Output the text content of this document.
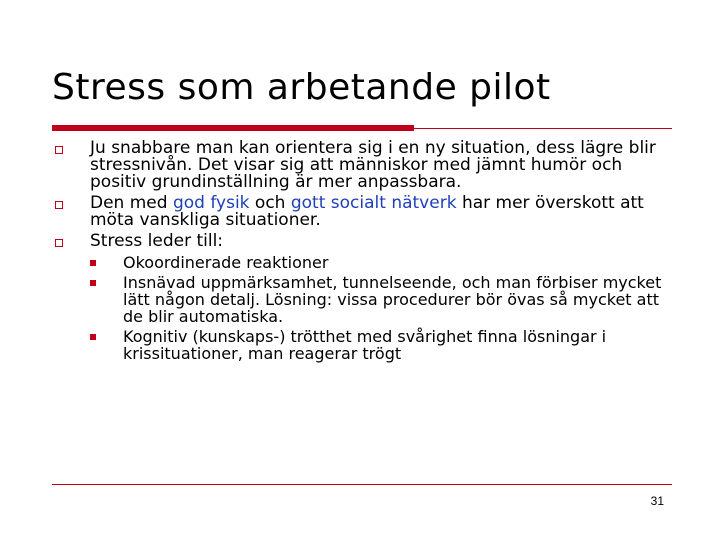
Stress som arbetande pilot
Ju snabbare man kan orientera sig i en ny situation, dess lägre blir stressnivån. Det visar sig att människor med jämnt humör och positiv grundinställning är mer anpassbara.
Den med god fysik och gott socialt nätverk har mer överskott att möta vanskliga situationer.
Stress leder till:
Okoordinerade reaktioner
Insnävad uppmärksamhet, tunnelseende, och man förbiser mycket lätt någon detalj. Lösning: vissa procedurer bör övas så mycket att de blir automatiska.
Kognitiv (kunskaps-) trötthet med svårighet finna lösningar i krissituationer, man reagerar trögt
31
